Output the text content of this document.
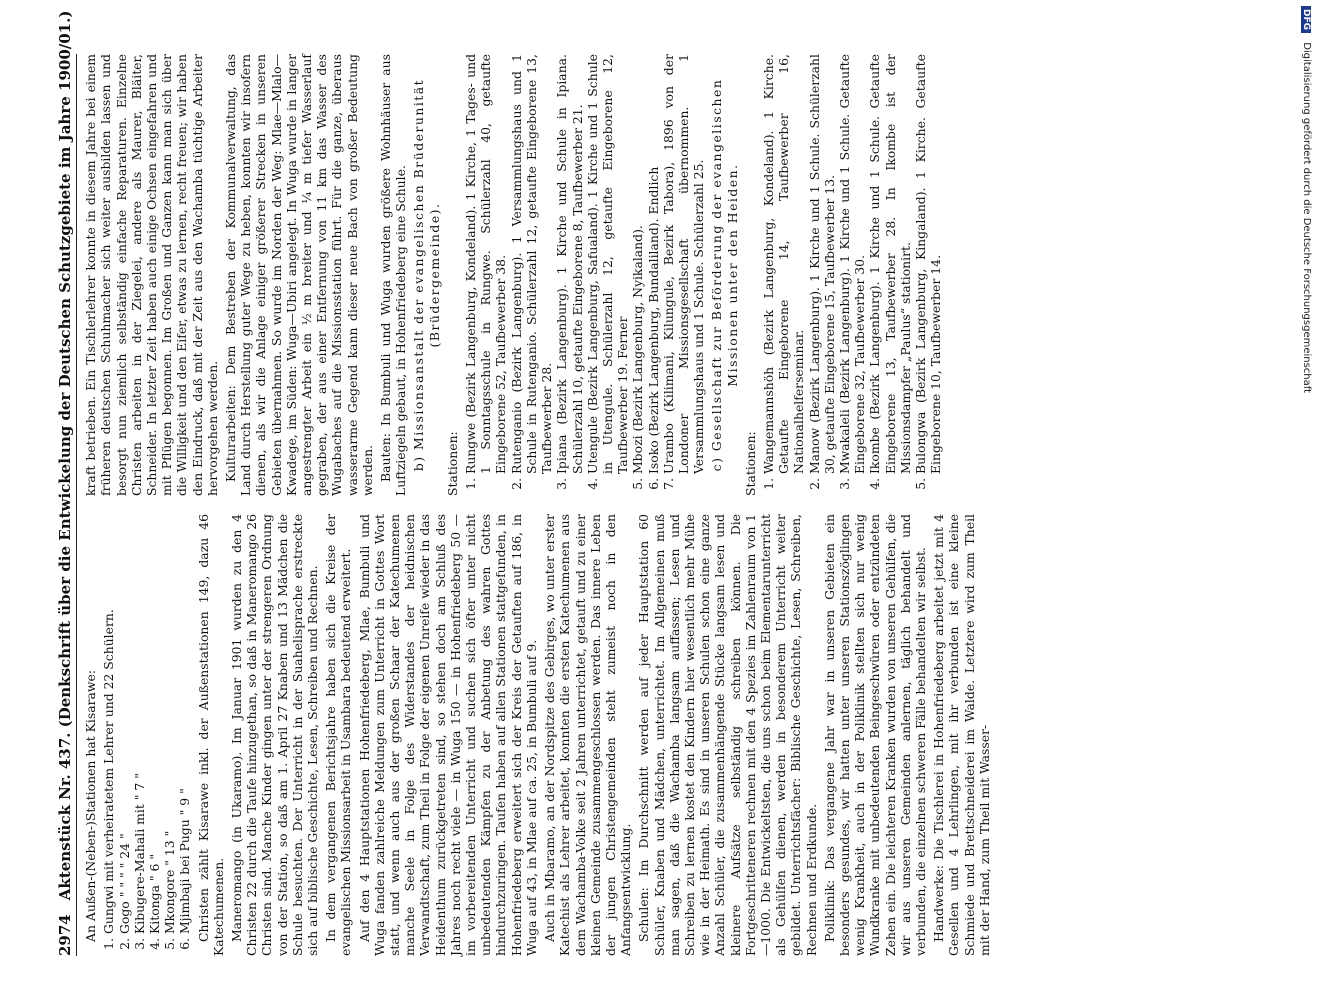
2974
Aktenstück Nr. 437. (Denkschrift über die Entwickelung der Deutschen Schutzgebiete im Jahre 1900/01.) An Außen-(Neben-)Stationen hat Kisarawe: 1. Gungwi mit verheiratetem Lehrer und 22 Schülern. 2. Gogo " " " " 24 " 3. Kibugere-Mahali mit " 7 " 4. Kitonga " 6 " 5. Mkongore " 13 " 6. Mjimbaji bei Pugu " 9 " Christen zählt Kisarawe inkl. der Außenstationen 149, dazu 46 Katechumenen. Maneromango (in Ukaramo). Im Januar 1901 wurden zu den 4 Christen 22 durch die Taufe hinzugethan, so daß in Maneromango 26 Christen sind. Manche Kinder gingen unter der strengeren Ordnung von der Station, so daß am 1. April 27 Knaben und 13 Mädchen die Schule besuchten. Der Unterricht in der Suahelisprache erstreckte sich auf biblische Geschichte, Lesen, Schreiben und Rechnen. In dem vergangenen Berichtsjahre haben sich die Kreise der evangelischen Missionsarbeit in Usambara bedeutend erweitert. Auf den 4 Hauptstationen Hohenfriedeberg, Mlae, Bumbuli und Wuga fanden zahlreiche Meldungen zum Unterricht in Gottes Wort statt, und wenn auch aus der großen Schaar der Katechumenen manche Seele in Folge des Widerstandes der heidnischen Verwandtschaft, zum Theil in Folge der eigenen Unreife wieder in das Heidenthum zurückgetreten sind, so stehen doch am Schluß des Jahres noch recht viele — in Wuga 150 — in Hohenfriedeberg 50 — im vorbereitenden Unterricht und suchen sich öfter unter nicht unbedeutenden Kämpfen zu der Anbetung des wahren Gottes hindurchzuringen. Taufen haben auf allen Stationen stattgefunden, in Hohenfriedeberg erweitert sich der Kreis der Getauften auf 186, in Wuga auf 43, in Mlae auf ca. 25, in Bumbuli auf 9. Auch in Mbaramo, an der Nordspitze des Gebirges, wo unter erster Katechist als Lehrer arbeitet, konnten die ersten Katechumenen aus dem Wachamba-Volke seit 2 Jahren unterrichtet, getauft und zu einer kleinen Gemeinde zusammengeschlossen werden. Das innere Leben der jungen Christengemeinden steht zumeist noch in den Anfangsentwicklung. Schulen: Im Durchschnitt werden auf jeder Hauptstation 60 Schüler, Knaben und Mädchen, unterrichtet. Im Allgemeinen muß man sagen, daß die Wachamba langsam auffassen; Lesen und Schreiben zu lernen kostet den Kindern hier wesentlich mehr Mühe wie in der Heimath. Es sind in unseren Schulen schon eine ganze Anzahl Schüler, die zusammenhängende Stücke langsam lesen und kleinere Aufsätze selbständig schreiben können. Die Fortgeschritteneren rechnen mit den 4 Spezies im Zahlenraum von 1—1000. Die Entwickeltsten, die uns schon beim Elementarunterricht als Gehülfen dienen, werden in besonderem Unterricht weiter gebildet. Unterrichtsfächer: Biblische Geschichte, Lesen, Schreiben, Rechnen und Erdkunde. Poliklinik: Das vergangene Jahr war in unseren Gebieten ein besonders gesundes, wir hatten unter unseren Stationszöglingen wenig Krankheit, auch in der Poliklinik stellten sich nur wenig Wundkranke mit unbedeutenden Beingeschwüren oder entzündeten Zehen ein. Die leichteren Kranken wurden von unseren Gehülfen, die wir aus unseren Gemeinden anlernen, täglich behandelt und verbunden, die einzelnen schweren Fälle behandelten wir selbst. Handwerke: Die Tischlerei in Hohenfriedeberg arbeitet jetzt mit 4 Gesellen und 4 Lehrlingen, mit ihr verbunden ist eine kleine Schmiede und Brettschneiderei im Walde. Letztere wird zum Theil mit der Hand, zum Theil mit Wasser-

kraft betrieben. Ein Tischlerlehrer konnte in diesem Jahre bei einem früheren deutschen Schuhmacher sich weiter ausbilden lassen und besorgt nun ziemlich selbständig einfache Reparaturen. Einzelne Christen arbeiten in der Ziegelei, andere als Maurer, Bläiter, Schneider. In letzter Zeit haben auch einige Ochsen eingefahren und mit Pflügen begonnen. Im Großen und Ganzen kann man sich über die Willigkeit und den Eifer, etwas zu lernen, recht freuen; wir haben den Eindruck, daß mit der Zeit aus den Wachamba tüchtige Arbeiter hervorgehen werden. Kulturarbeiten: Dem Bestreben der Kommunalverwaltung, das Land durch Herstellung guter Wege zu heben, konnten wir insofern dienen, als wir die Anlage einiger größerer Strecken in unseren Gebieten übernahmen. So wurde im Norden der Weg: Mlae—Mlalo—Kwadege, im Süden: Wuga—Ubiri angelegt. In Wuga wurde in langer angestrengter Arbeit ein ½ m breiter und ¼ m tiefer Wasserlauf gegraben, der aus einer Entfernung von 11 km das Wasser des Wugabaches auf die Missionsstation führt. Für die ganze, überaus wasserarme Gegend kann dieser neue Bach von großer Bedeutung werden. Bauten: In Bumbuli und Wuga wurden größere Wohnhäuser aus Luftziegeln gebaut, in Hohenfriedeberg eine Schule. b) Missionsanstalt der evangelischen Brüderunität (Brüdergemeinde).

Stationen: 1. Rungwe (Bezirk Langenburg, Kondeland). 1 Kirche, 1 Tages- und 1 Sonntagsschule in Rungwe. Schülerzahl 40, getaufte Eingeborene 52, Taufbewerber 38. 2. Rutenganio (Bezirk Langenburg). 1 Versammlungshaus und 1 Schule in Rutenganio. Schülerzahl 12, getaufte Eingeborene 13, Taufbewerber 28. 3. Ipiana (Bezirk Langenburg). 1 Kirche und Schule in Ipiana. Schülerzahl 10, getaufte Eingeborene 8, Taufbewerber 21. 4. Utengule (Bezirk Langenburg, Safualand). 1 Kirche und 1 Schule in Utengule. Schülerzahl 12, getaufte Eingeborene 12, Taufbewerber 19. Ferner 5. Mbozi (Bezirk Langenburg, Nyikaland). 6. Isoko (Bezirk Langenburg, Bundaliland). Endlich 7. Urambo (Kilimani, Kilungule, Bezirk Tabora), 1896 von der Londoner Missionsgesellschaft übernommen. 1 Versammlungshaus und 1 Schule. Schülerzahl 25. c) Gesellschaft zur Beförderung der evangelischen Missionen unter den Heiden.

Stationen: 1. Wangemannshöh (Bezirk Langenburg, Kondeland). 1 Kirche. Getaufte Eingeborene 14, Taufbewerber 16, Nationalhelferseminar. 2. Manow (Bezirk Langenburg). 1 Kirche und 1 Schule. Schülerzahl 30, getaufte Eingeborene 15, Taufbewerber 13. 3. Mwakaleli (Bezirk Langenburg). 1 Kirche und 1 Schule. Getaufte Eingeborene 32, Taufbewerber 30. 4. Ikombe (Bezirk Langenburg). 1 Kirche und 1 Schule. Getaufte Eingeborene 13, Taufbewerber 28. In Ikombe ist der Missionsdampfer „Paulus“ stationirt. 5. Bulongwa (Bezirk Langenburg, Kingaland). 1 Kirche. Getaufte Eingeborene 10, Taufbewerber 14.
DFG Digitalisierung gefördert durch die Deutsche Forschungsgemeinschaft
